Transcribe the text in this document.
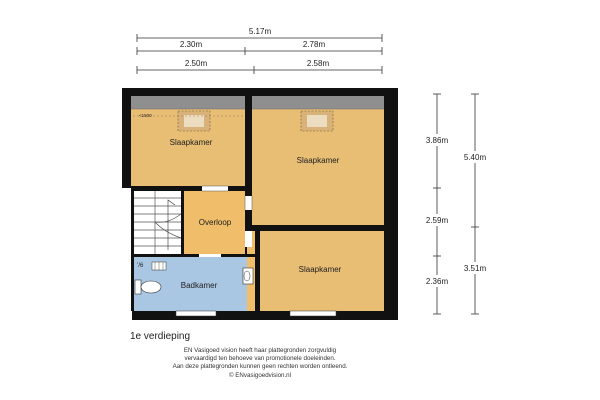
5.17m
2.30m	2.78m
2.50m	2.58m
3.86m
2.59m
2.36m
5.40m
3.51m
<1500
ʻ/6
Slaapkamer
Slaapkamer
Slaapkamer
Overloop
Badkamer
1e verdieping
EN Vasigoed vision heeft haar plattegronden zorgvuldig
vervaardigd ten behoeve van promotionele doeleinden.
Aan deze plattegronden kunnen geen rechten worden ontleend.
© ENvasigoedvision.nl
